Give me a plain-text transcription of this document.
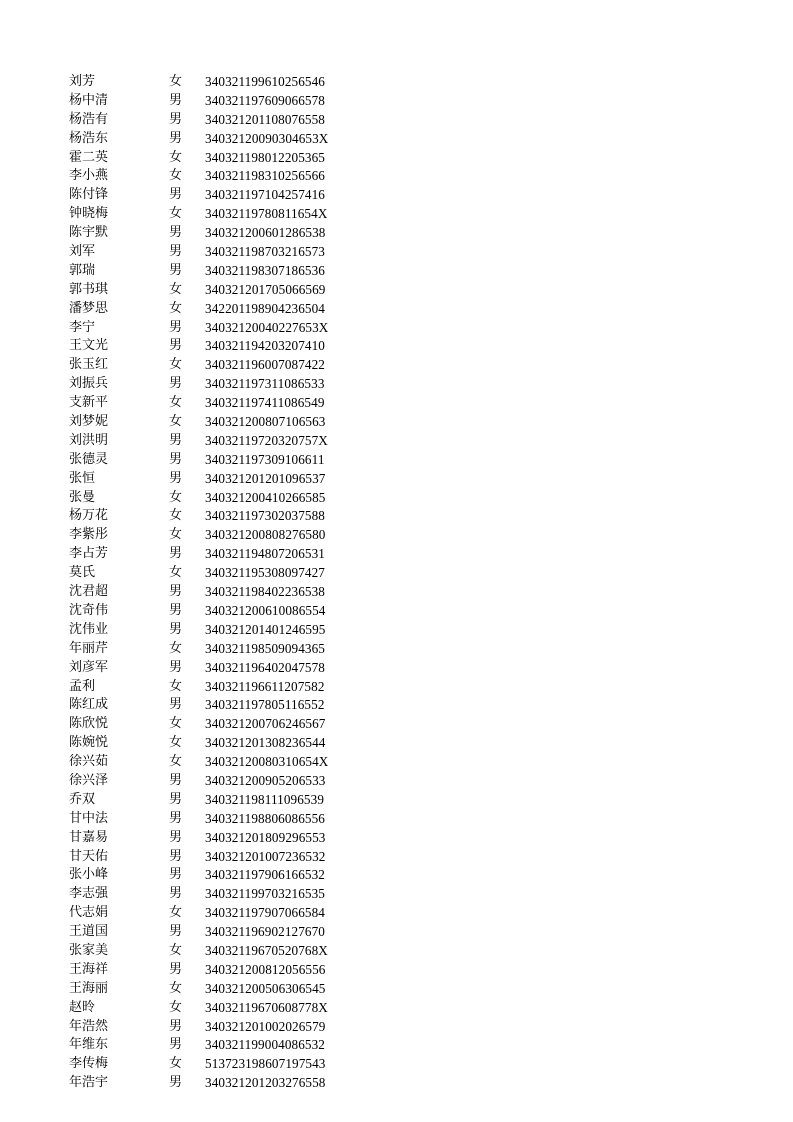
刘芳	女	340321199610256546
杨中清	男	340321197609066578
杨浩有	男	340321201108076558
杨浩东	男	34032120090304653X
霍二英	女	340321198012205365
李小燕	女	340321198310256566
陈付锋	男	340321197104257416
钟晓梅	女	34032119780811654X
陈宇默	男	340321200601286538
刘军	男	340321198703216573
郭瑞	男	340321198307186536
郭书琪	女	340321201705066569
潘梦思	女	342201198904236504
李宁	男	34032120040227653X
王文光	男	340321194203207410
张玉红	女	340321196007087422
刘振兵	男	340321197311086533
支新平	女	340321197411086549
刘梦妮	女	340321200807106563
刘洪明	男	34032119720320757X
张德灵	男	340321197309106611
张恒	男	340321201201096537
张曼	女	340321200410266585
杨万花	女	340321197302037588
李紫彤	女	340321200808276580
李占芳	男	340321194807206531
莫氏	女	340321195308097427
沈君超	男	340321198402236538
沈奇伟	男	340321200610086554
沈伟业	男	340321201401246595
年丽芹	女	340321198509094365
刘彦军	男	340321196402047578
孟利	女	340321196611207582
陈红成	男	340321197805116552
陈欣悦	女	340321200706246567
陈婉悦	女	340321201308236544
徐兴茹	女	34032120080310654X
徐兴泽	男	340321200905206533
乔双	男	340321198111096539
甘中法	男	340321198806086556
甘嘉易	男	340321201809296553
甘天佑	男	340321201007236532
张小峰	男	340321197906166532
李志强	男	340321199703216535
代志娟	女	340321197907066584
王道国	男	340321196902127670
张家美	女	34032119670520768X
王海祥	男	340321200812056556
王海丽	女	340321200506306545
赵昤	女	34032119670608778X
年浩然	男	340321201002026579
年维东	男	340321199004086532
李传梅	女	513723198607197543
年浩宇	男	340321201203276558
